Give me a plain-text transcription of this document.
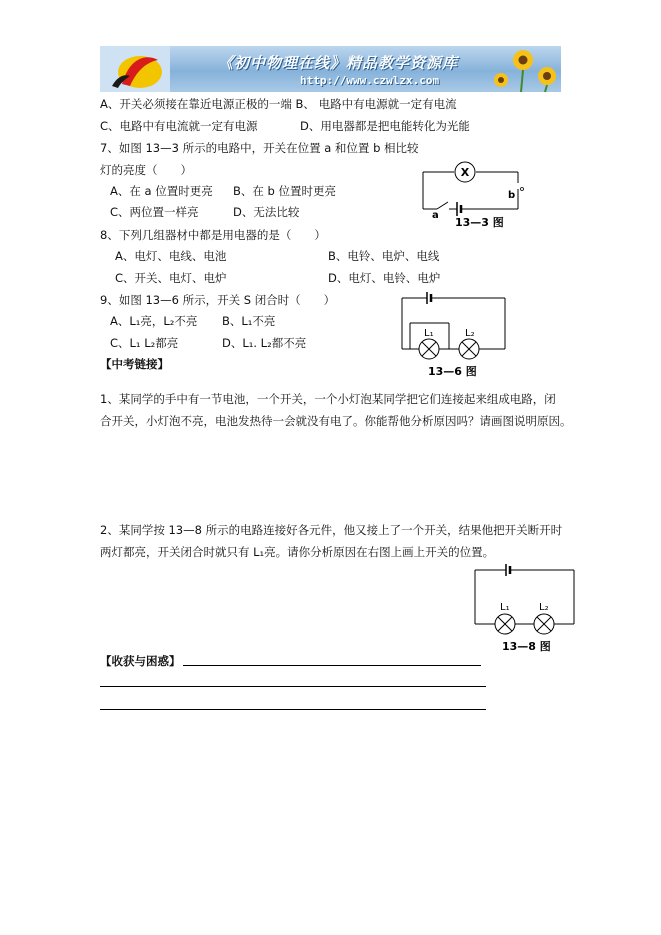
《初中物理在线》精品教学资源库
http://www.czwlzx.com
A、开关必须接在靠近电源正极的一端 B、 电路中有电源就一定有电流
C、电路中有电流就一定有电源	D、用电器都是把电能转化为光能
7、如图 13—3 所示的电路中，开关在位置 a 和位置 b 相比较
灯的亮度（　　）
A、在 a 位置时更亮 B、在 b 位置时更亮
C、两位置一样亮	D、无法比较
X
a
b
13—3 图
8、下列几组器材中都是用电器的是（　　）
A、电灯、电线、电池	B、电铃、电炉、电线
C、开关、电灯、电炉	D、电灯、电铃、电炉
9、如图 13—6 所示，开关 S 闭合时（　　）
A、L₁亮，L₂不亮 B、L₁不亮
C、L₁ L₂都亮	D、L₁. L₂都不亮
L₁	L₂
13—6 图
【中考链接】
1、某同学的手中有一节电池，一个开关，一个小灯泡某同学把它们连接起来组成电路，闭
合开关，小灯泡不亮，电池发热待一会就没有电了。你能帮他分析原因吗？请画图说明原因。
2、某同学按 13—8 所示的电路连接好各元件，他又接上了一个开关，结果他把开关断开时
两灯都亮，开关闭合时就只有 L₁亮。请你分析原因在右图上画上开关的位置。
L₁	L₂
13—8 图
【收获与困惑】
